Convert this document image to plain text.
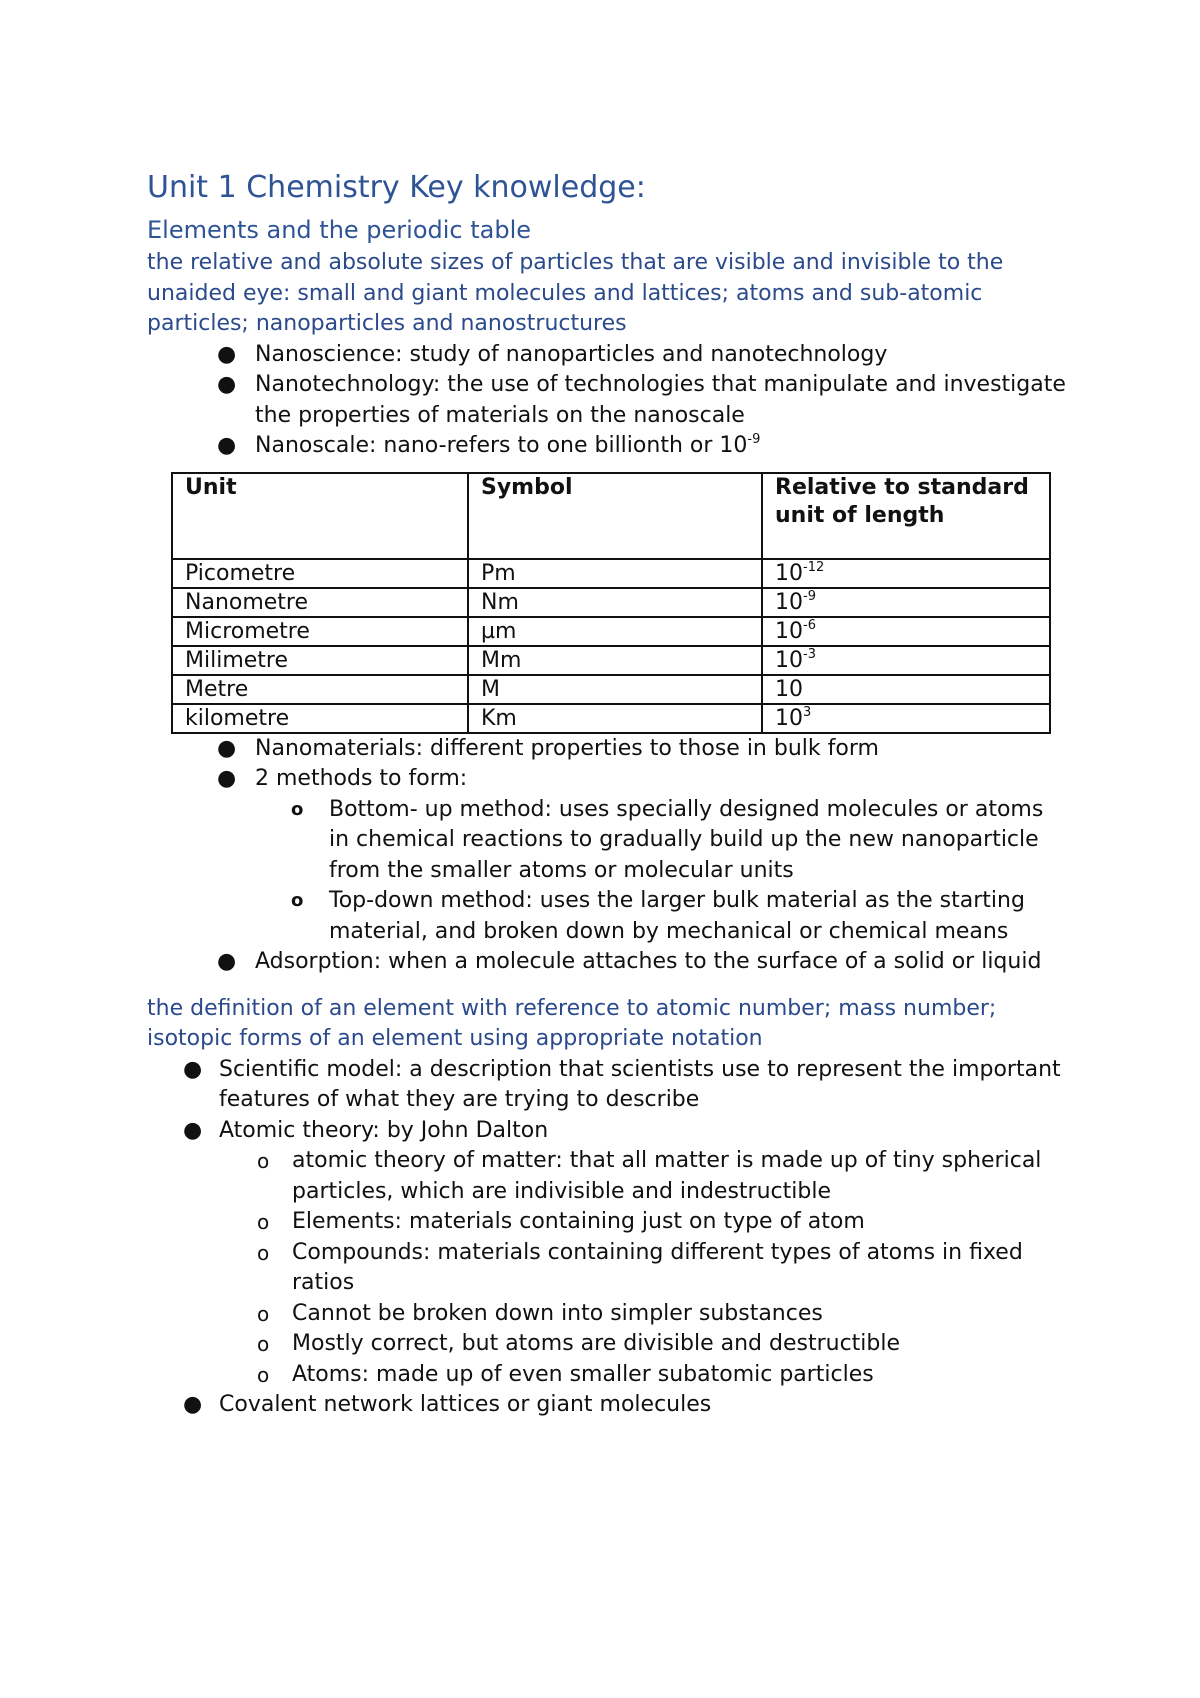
Unit 1 Chemistry Key knowledge:
Elements and the periodic table
the relative and absolute sizes of particles that are visible and invisible to the unaided eye: small and giant molecules and lattices; atoms and sub-atomic particles; nanoparticles and nanostructures
● Nanoscience: study of nanoparticles and nanotechnology
● Nanotechnology: the use of technologies that manipulate and investigate the properties of materials on the nanoscale
● Nanoscale: nano-refers to one billionth or $10^{-9}$
Unit	Symbol	Relative to standard unit of length
Picometre	Pm	$10^{-12}$
Nanometre	Nm	$10^{-9}$
Micrometre	µm	$10^{-6}$
Milimetre	Mm	$10^{-3}$
Metre	M	10
kilometre	Km	$10^3$
● Nanomaterials: different properties to those in bulk form
● 2 methods to form:
o Bottom- up method: uses specially designed molecules or atoms in chemical reactions to gradually build up the new nanoparticle from the smaller atoms or molecular units
o Top-down method: uses the larger bulk material as the starting material, and broken down by mechanical or chemical means
● Adsorption: when a molecule attaches to the surface of a solid or liquid
the definition of an element with reference to atomic number; mass number; isotopic forms of an element using appropriate notation
● Scientific model: a description that scientists use to represent the important features of what they are trying to describe
● Atomic theory: by John Dalton
o atomic theory of matter: that all matter is made up of tiny spherical particles, which are indivisible and indestructible
o Elements: materials containing just on type of atom
o Compounds: materials containing different types of atoms in fixed ratios
o Cannot be broken down into simpler substances
o Mostly correct, but atoms are divisible and destructible
o Atoms: made up of even smaller subatomic particles
● Covalent network lattices or giant molecules
